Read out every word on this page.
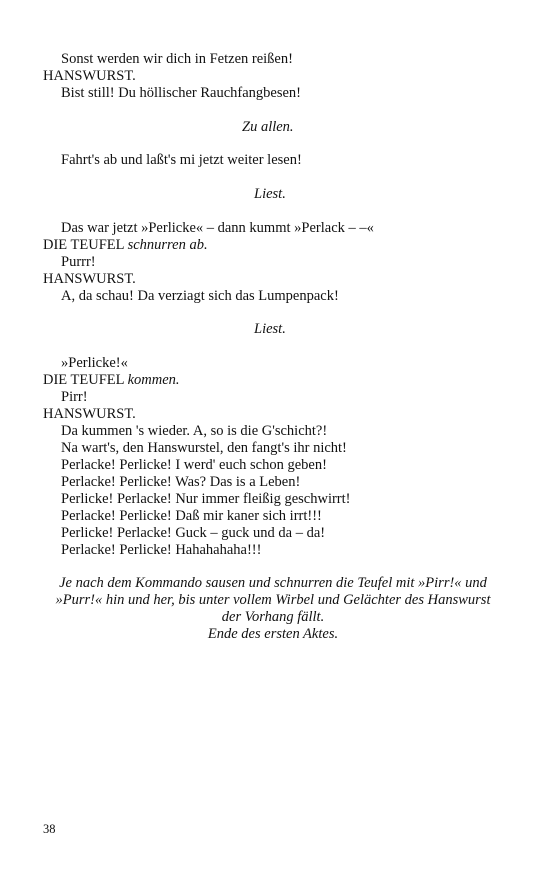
Sonst werden wir dich in Fetzen reißen!
HANSWURST.
Bist still! Du höllischer Rauchfangbesen!
Zu allen.
Fahrt's ab und laßt's mi jetzt weiter lesen!
Liest.
Das war jetzt »Perlicke« – dann kummt »Perlack – –«
DIE TEUFEL schnurren ab.
Purrr!
HANSWURST.
A, da schau! Da verziagt sich das Lumpenpack!
Liest.
»Perlicke!«
DIE TEUFEL kommen.
Pirr!
HANSWURST.
Da kummen 's wieder. A, so is die G'schicht?!
Na wart's, den Hanswurstel, den fangt's ihr nicht!
Perlacke! Perlicke! I werd' euch schon geben!
Perlacke! Perlicke! Was? Das is a Leben!
Perlicke! Perlacke! Nur immer fleißig geschwirrt!
Perlacke! Perlicke! Daß mir kaner sich irrt!!!
Perlicke! Perlacke! Guck – guck und da – da!
Perlacke! Perlicke! Hahahahaha!!!
Je nach dem Kommando sausen und schnurren die Teufel mit »Pirr!« und
»Purr!« hin und her, bis unter vollem Wirbel und Gelächter des Hanswurst
der Vorhang fällt.
Ende des ersten Aktes.
38
